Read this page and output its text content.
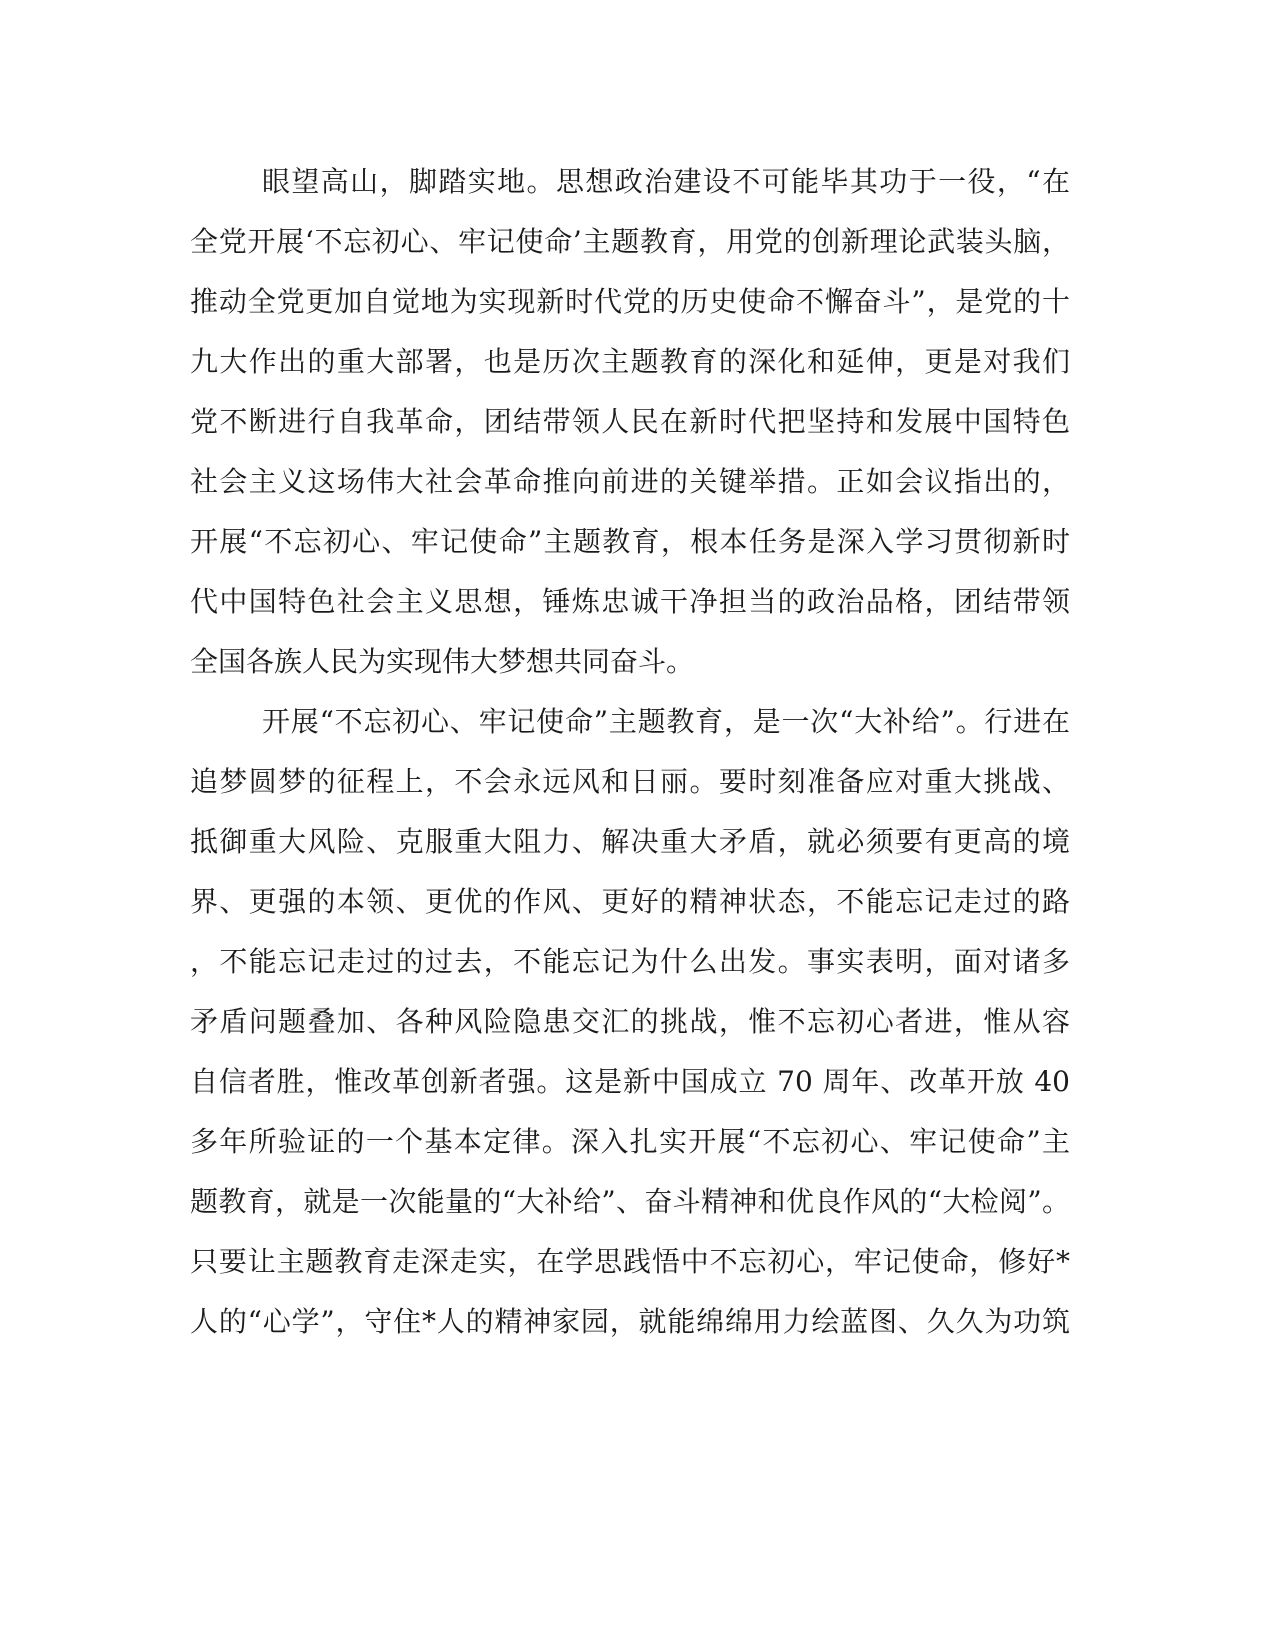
眼望高山，脚踏实地。思想政治建设不可能毕其功于一役，“在
全党开展‘不忘初心、牢记使命’主题教育，用党的创新理论武装头脑，
推动全党更加自觉地为实现新时代党的历史使命不懈奋斗”，是党的十
九大作出的重大部署，也是历次主题教育的深化和延伸，更是对我们
党不断进行自我革命，团结带领人民在新时代把坚持和发展中国特色
社会主义这场伟大社会革命推向前进的关键举措。正如会议指出的，
开展“不忘初心、牢记使命”主题教育，根本任务是深入学习贯彻新时
代中国特色社会主义思想，锤炼忠诚干净担当的政治品格，团结带领
全国各族人民为实现伟大梦想共同奋斗。
开展“不忘初心、牢记使命”主题教育，是一次“大补给”。行进在
追梦圆梦的征程上，不会永远风和日丽。要时刻准备应对重大挑战、
抵御重大风险、克服重大阻力、解决重大矛盾，就必须要有更高的境
界、更强的本领、更优的作风、更好的精神状态，不能忘记走过的路
，不能忘记走过的过去，不能忘记为什么出发。事实表明，面对诸多
矛盾问题叠加、各种风险隐患交汇的挑战，惟不忘初心者进，惟从容
自信者胜，惟改革创新者强。这是新中国成立 70 周年、改革开放 40
多年所验证的一个基本定律。深入扎实开展“不忘初心、牢记使命”主
题教育，就是一次能量的“大补给”、奋斗精神和优良作风的“大检阅”。
只要让主题教育走深走实，在学思践悟中不忘初心，牢记使命，修好*
人的“心学”，守住*人的精神家园，就能绵绵用力绘蓝图、久久为功筑
